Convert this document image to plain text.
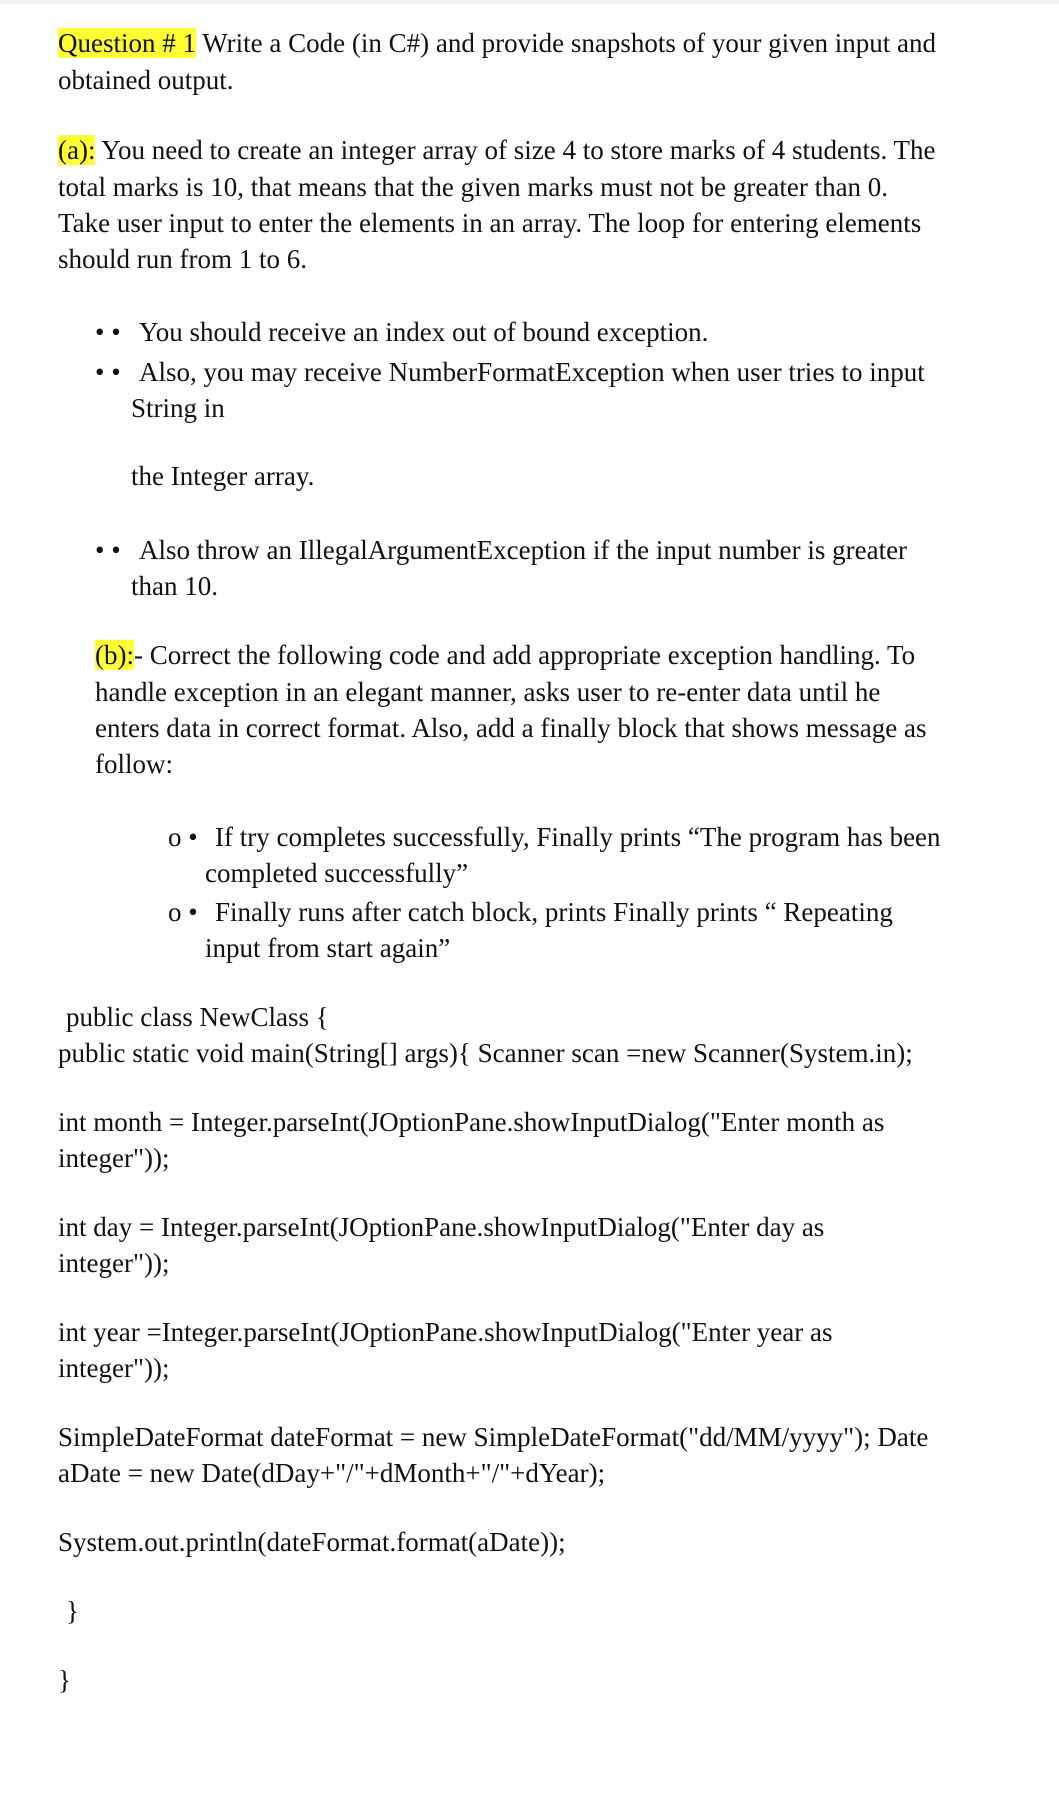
Question # 1 Write a Code (in C#) and provide snapshots of your given input and
obtained output.
(a): You need to create an integer array of size 4 to store marks of 4 students. The
total marks is 10, that means that the given marks must not be greater than 0.
Take user input to enter the elements in an array. The loop for entering elements
should run from 1 to 6.
• • You should receive an index out of bound exception.
• • Also, you may receive NumberFormatException when user tries to input
String in
the Integer array.
• • Also throw an IllegalArgumentException if the input number is greater
than 10.
(b):- Correct the following code and add appropriate exception handling. To
handle exception in an elegant manner, asks user to re-enter data until he
enters data in correct format. Also, add a finally block that shows message as
follow:
o • If try completes successfully, Finally prints “The program has been
completed successfully”
o • Finally runs after catch block, prints Finally prints “ Repeating
input from start again”
public class NewClass {
public static void main(String[] args){ Scanner scan =new Scanner(System.in);
int month = Integer.parseInt(JOptionPane.showInputDialog("Enter month as
integer"));
int day = Integer.parseInt(JOptionPane.showInputDialog("Enter day as
integer"));
int year =Integer.parseInt(JOptionPane.showInputDialog("Enter year as
integer"));
SimpleDateFormat dateFormat = new SimpleDateFormat("dd/MM/yyyy"); Date
aDate = new Date(dDay+"/"+dMonth+"/"+dYear);
System.out.println(dateFormat.format(aDate));
}
}
